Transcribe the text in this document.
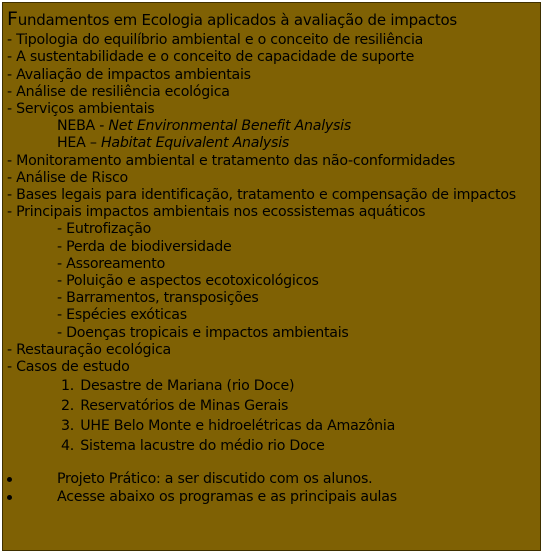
Fundamentos em Ecologia aplicados à avaliação de impactos
- Tipologia do equilíbrio ambiental e o conceito de resiliência
- A sustentabilidade e o conceito de capacidade de suporte
- Avaliação de impactos ambientais
- Análise de resiliência ecológica
- Serviços ambientais
NEBA - Net Environmental Benefit Analysis
HEA – Habitat Equivalent Analysis
- Monitoramento ambiental e tratamento das não-conformidades
- Análise de Risco
- Bases legais para identificação, tratamento e compensação de impactos
- Principais impactos ambientais nos ecossistemas aquáticos
- Eutrofização
- Perda de biodiversidade
- Assoreamento
- Poluição e aspectos ecotoxicológicos
- Barramentos, transposições
- Espécies exóticas
- Doenças tropicais e impactos ambientais
- Restauração ecológica
- Casos de estudo
1. Desastre de Mariana (rio Doce)
2. Reservatórios de Minas Gerais
3. UHE Belo Monte e hidroelétricas da Amazônia
4. Sistema lacustre do médio rio Doce
Projeto Prático: a ser discutido com os alunos.
Acesse abaixo os programas e as principais aulas
